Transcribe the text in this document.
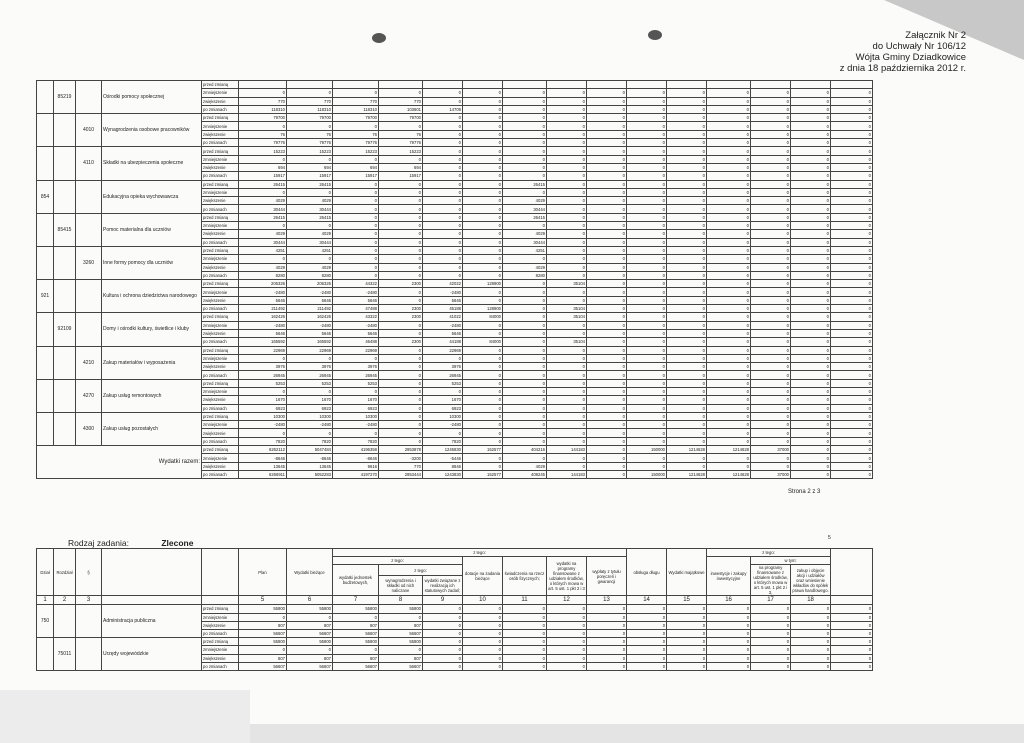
Załącznik Nr 2
do Uchwały Nr 106/12
Wójta Gminy Dziadkowice
z dnia 18 października 2012 r.
	85219		Ośrodki pomocy społecznej	przed zmianą															
				zmniejszenie	0	0	0	0	0	0	0	0	0	0	0	0	0	0	0
				zwiększenie	770	770	770	770	0	0	0	0	0	0	0	0	0	0	0
				po zmianach	118310	118310	118310	103601	14709	0	0	0	0	0	0	0	0	0	0
		4010	Wynagrodzenia osobowe pracowników	przed zmianą	79700	79700	79700	79700	0	0	0	0	0	0	0	0	0	0	0
				zmniejszenie	0	0	0	0	0	0	0	0	0	0	0	0	0	0	0
				zwiększenie	76	76	76	76	0	0	0	0	0	0	0	0	0	0	0
				po zmianach	79776	79776	79776	79776	0	0	0	0	0	0	0	0	0	0	0
		4110	Składki na ubezpieczenia społeczne	przed zmianą	15223	15223	15223	15223	0	0	0	0	0	0	0	0	0	0	0
				zmniejszenie	0	0	0	0	0	0	0	0	0	0	0	0	0	0	0
				zwiększenie	694	694	694	694	0	0	0	0	0	0	0	0	0	0	0
				po zmianach	15917	15917	15917	15917	0	0	0	0	0	0	0	0	0	0	0
854			Edukacyjna opieka wychowawcza	przed zmianą	26415	26415	0	0	0	0	26415	0	0	0	0	0	0	0	0
				zmniejszenie	0	0	0	0	0	0	0	0	0	0	0	0	0	0	0
				zwiększenie	4029	4029	0	0	0	0	4029	0	0	0	0	0	0	0	0
				po zmianach	30444	30444	0	0	0	0	30444	0	0	0	0	0	0	0	0
	85415		Pomoc materialna dla uczniów	przed zmianą	26415	26415	0	0	0	0	26415	0	0	0	0	0	0	0	0
				zmniejszenie	0	0	0	0	0	0	0	0	0	0	0	0	0	0	0
				zwiększenie	4029	4029	0	0	0	0	4029	0	0	0	0	0	0	0	0
				po zmianach	30444	30444	0	0	0	0	30444	0	0	0	0	0	0	0	0
		3260	Inne formy pomocy dla uczniów	przed zmianą	4251	4251	0	0	0	0	4251	0	0	0	0	0	0	0	0
				zmniejszenie	0	0	0	0	0	0	0	0	0	0	0	0	0	0	0
				zwiększenie	4029	4029	0	0	0	0	4029	0	0	0	0	0	0	0	0
				po zmianach	8280	8280	0	0	0	0	8280	0	0	0	0	0	0	0	0
921			Kultura i ochrona dziedzictwa narodowego	przed zmianą	206326	206326	44322	2300	42022	128900	0	35104	0	0	0	0	0	0	0
				zmniejszenie	-2480	-2480	-2480	0	-2480	0	0	0	0	0	0	0	0	0	0
				zwiększenie	5646	5646	5646	0	5646	0	0	0	0	0	0	0	0	0	0
				po zmianach	211492	211492	47488	2300	45188	128900	0	35104	0	0	0	0	0	0	0
	92109		Domy i ośrodki kultury, świetlice i kluby	przed zmianą	162426	162426	43322	2300	41022	84000	0	35104	0	0	0	0	0	0	0
				zmniejszenie	-2480	-2480	-2480	0	-2480	0	0	0	0	0	0	0	0	0	0
				zwiększenie	5646	5646	5646	0	5646	0	0	0	0	0	0	0	0	0	0
				po zmianach	165592	165592	46488	2300	44188	84000	0	35104	0	0	0	0	0	0	0
		4210	Zakup materiałów i wyposażenia	przed zmianą	22969	22969	22969	0	22969	0	0	0	0	0	0	0	0	0	0
				zmniejszenie	0	0	0	0	0	0	0	0	0	0	0	0	0	0	0
				zwiększenie	3976	3976	3976	0	3976	0	0	0	0	0	0	0	0	0	0
				po zmianach	26945	26945	26945	0	26945	0	0	0	0	0	0	0	0	0	0
		4270	Zakup usług remontowych	przed zmianą	5253	5253	5253	0	5253	0	0	0	0	0	0	0	0	0	0
				zmniejszenie	0	0	0	0	0	0	0	0	0	0	0	0	0	0	0
				zwiększenie	1670	1670	1670	0	1670	0	0	0	0	0	0	0	0	0	0
				po zmianach	6923	6923	6923	0	6923	0	0	0	0	0	0	0	0	0	0
		4300	Zakup usług pozostałych	przed zmianą	10300	10300	10300	0	10300	0	0	0	0	0	0	0	0	0	0
				zmniejszenie	-2480	-2480	-2480	0	-2480	0	0	0	0	0	0	0	0	0	0
				zwiększenie	0	0	0	0	0	0	0	0	0	0	0	0	0	0	0
				po zmianach	7820	7820	7820	0	7820	0	0	0	0	0	0	0	0	0	0
Wydatki razem:				przed zmianą	6262112	5047484	4196358	2953878	1245830	152577	404216	144183	0	150000	1214628	1214628	37000	0	0
				zmniejszenie	-8646	-8646	-8646	-3200	-5446	0	0	0	0	0	0	0	0	0	0
				zwiększenie	13645	13645	9616	770	8846	0	4029	0	0	0	0	0	0	0	0
				po zmianach	6266911	5052283	4197270	2953444	1243830	152577	408245	144183	0	150000	1214628	1214628	37000	0	0
Strona 2 z 3
5
Rodzaj zadania:	Zlecone
Dział	Rozdział	§			Plan	Wydatki bieżące	z tego:							obsługa długu	Wydatki majątkowe	z tego:			
							z tego:			dotacje na zadania bieżące	świadczenia na rzecz osób fizycznych;	wydatki na programy finansowane z udziałem środków, o których mowa w art. 5 ust. 1 pkt 2 i 3	wypłaty z tytułu poręczeń i gwarancji			inwestycje i zakupy inwestycyjne	w tym:		
							wydatki jednostek budżetowych,	z tego:									na programy finansowane z udziałem środków, o których mowa w art. 5 ust. 1 pkt 2 i 3,	zakup i objęcie akcji i udziałów oraz wniesienie wkładów do spółek prawa handlowego.	
								wynagrodzenia i składki od nich naliczane	wydatki związane z realizacją ich statutowych zadań;										
1	2	3			5	6	7	8	9	10	11	12	13	14	15	16	17	18	
750			Administracja publiczna	przed zmianą	55800	55800	55800	55800	0	0	0	0	0	0	0	0	0	0	0
				zmniejszenie	0	0	0	0	0	0	0	0	0	0	0	0	0	0	0
				zwiększenie	807	807	807	807	0	0	0	0	0	0	0	0	0	0	0
				po zmianach	56607	56607	56607	56607	0	0	0	0	0	0	0	0	0	0	0
	75011		Urzędy wojewódzkie	przed zmianą	55800	55800	55800	55800	0	0	0	0	0	0	0	0	0	0	0
				zmniejszenie	0	0	0	0	0	0	0	0	0	0	0	0	0	0	0
				zwiększenie	807	807	807	807	0	0	0	0	0	0	0	0	0	0	0
				po zmianach	56607	56607	56607	56607	0	0	0	0	0	0	0	0	0	0	0
